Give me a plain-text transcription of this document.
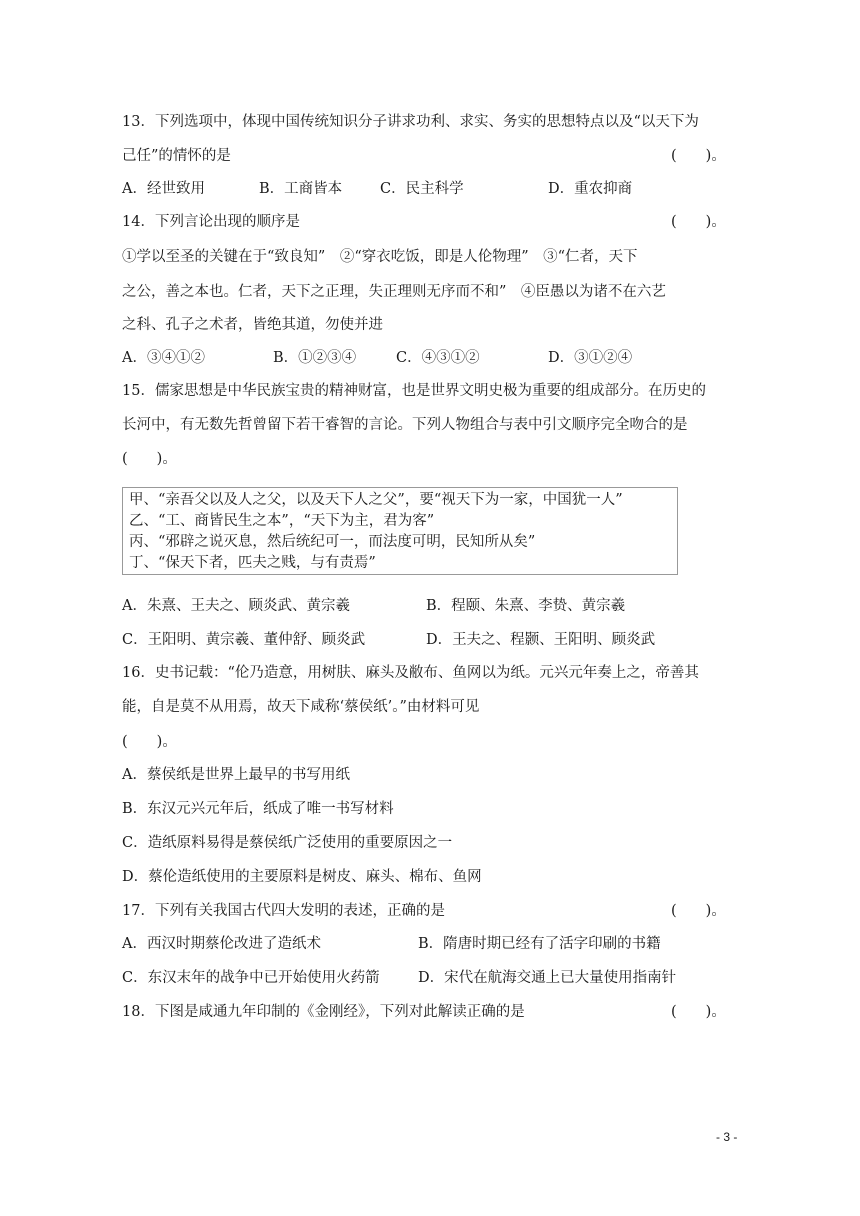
13．下列选项中，体现中国传统知识分子讲求功利、求实、务实的思想特点以及“以天下为
己任”的情怀的是	(　　)。
A．经世致用	B．工商皆本	C．民主科学	D．重农抑商
14．下列言论出现的顺序是	(　　)。
①学以至圣的关键在于“致良知”　②“穿衣吃饭，即是人伦物理”　③“仁者，天下
之公，善之本也。仁者，天下之正理，失正理则无序而不和”　④臣愚以为诸不在六艺
之科、孔子之术者，皆绝其道，勿使并进
A．③④①②	B．①②③④	C．④③①②	D．③①②④
15．儒家思想是中华民族宝贵的精神财富，也是世界文明史极为重要的组成部分。在历史的
长河中，有无数先哲曾留下若干睿智的言论。下列人物组合与表中引文顺序完全吻合的是
(　　)。
甲、“亲吾父以及人之父，以及天下人之父”，要“视天下为一家，中国犹一人”
乙、“工、商皆民生之本”，“天下为主，君为客”
丙、“邪辟之说灭息，然后统纪可一，而法度可明，民知所从矣”
丁、“保天下者，匹夫之贱，与有责焉”
A．朱熹、王夫之、顾炎武、黄宗羲	B．程颐、朱熹、李贽、黄宗羲
C．王阳明、黄宗羲、董仲舒、顾炎武	D．王夫之、程颢、王阳明、顾炎武
16．史书记载：“伦乃造意，用树肤、麻头及敝布、鱼网以为纸。元兴元年奏上之，帝善其
能，自是莫不从用焉，故天下咸称‘蔡侯纸’。”由材料可见
(　　)。
A．蔡侯纸是世界上最早的书写用纸
B．东汉元兴元年后，纸成了唯一书写材料
C．造纸原料易得是蔡侯纸广泛使用的重要原因之一
D．蔡伦造纸使用的主要原料是树皮、麻头、棉布、鱼网
17．下列有关我国古代四大发明的表述，正确的是	(　　)。
A．西汉时期蔡伦改进了造纸术	B．隋唐时期已经有了活字印刷的书籍
C．东汉末年的战争中已开始使用火药箭	D．宋代在航海交通上已大量使用指南针
18．下图是咸通九年印制的《金刚经》，下列对此解读正确的是	(　　)。
- 3 -
